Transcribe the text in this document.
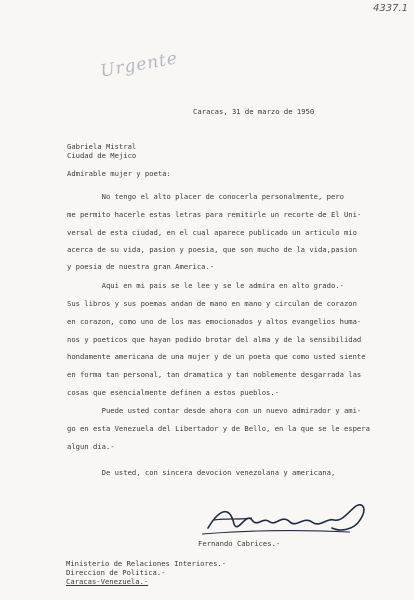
4337.1
Urgente
Caracas, 31 de marzo de 1950
Gabriela Mistral
Ciudad de Mejico
Admirable mujer y poeta:
No tengo el alto placer de conocerla personalmente, pero
me permito hacerle estas letras para remitirle un recorte de El Uni-
versal de esta ciudad, en el cual aparece publicado un articulo mio
acerca de su vida, pasion y poesia, que son mucho de la vida,pasion
y poesia de nuestra gran America.-
Aqui en mi pais se le lee y se le admira en alto grado.-
Sus libros y sus poemas andan de mano en mano y circulan de corazon
en corazon, como uno de los mas emocionados y altos evangelios huma-
nos y poeticos que hayan podido brotar del alma y de la sensibilidad
hondamente americana de una mujer y de un poeta que como usted siente
en forma tan personal, tan dramatica y tan noblemente desgarrada las
cosas que esencialmente definen a estos pueblos.-
Puede usted contar desde ahora con un nuevo admirador y ami-
go en esta Venezuela del Libertador y de Bello, en la que se le espera
algun dia.-
De usted, con sincera devocion venezolana y americana,
Fernando Cabrices.-
Ministerio de Relaciones Interiores.-
Direccion de Politica.-
Caracas-Venezuela.-
